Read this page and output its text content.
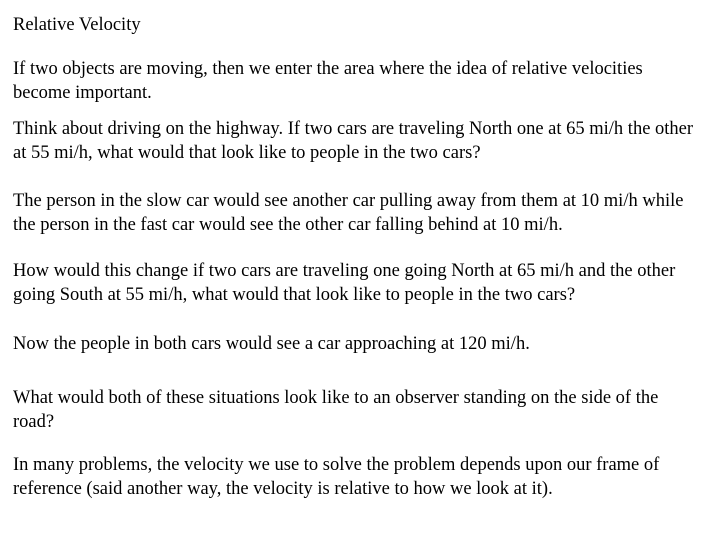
Relative Velocity
If two objects are moving, then we enter the area where the idea of relative velocities become important.
Think about driving on the highway. If two cars are traveling North one at 65 mi/h the other at 55 mi/h, what would that look like to people in the two cars?
The person in the slow car would see another car pulling away from them at 10 mi/h while the person in the fast car would see the other car falling behind at 10 mi/h.
How would this change if two cars are traveling one going North at 65 mi/h and the other going South at 55 mi/h, what would that look like to people in the two cars?
Now the people in both cars would see a car approaching at 120 mi/h.
What would both of these situations look like to an observer standing on the side of the road?
In many problems, the velocity we use to solve the problem depends upon our frame of reference (said another way, the velocity is relative to how we look at it).
